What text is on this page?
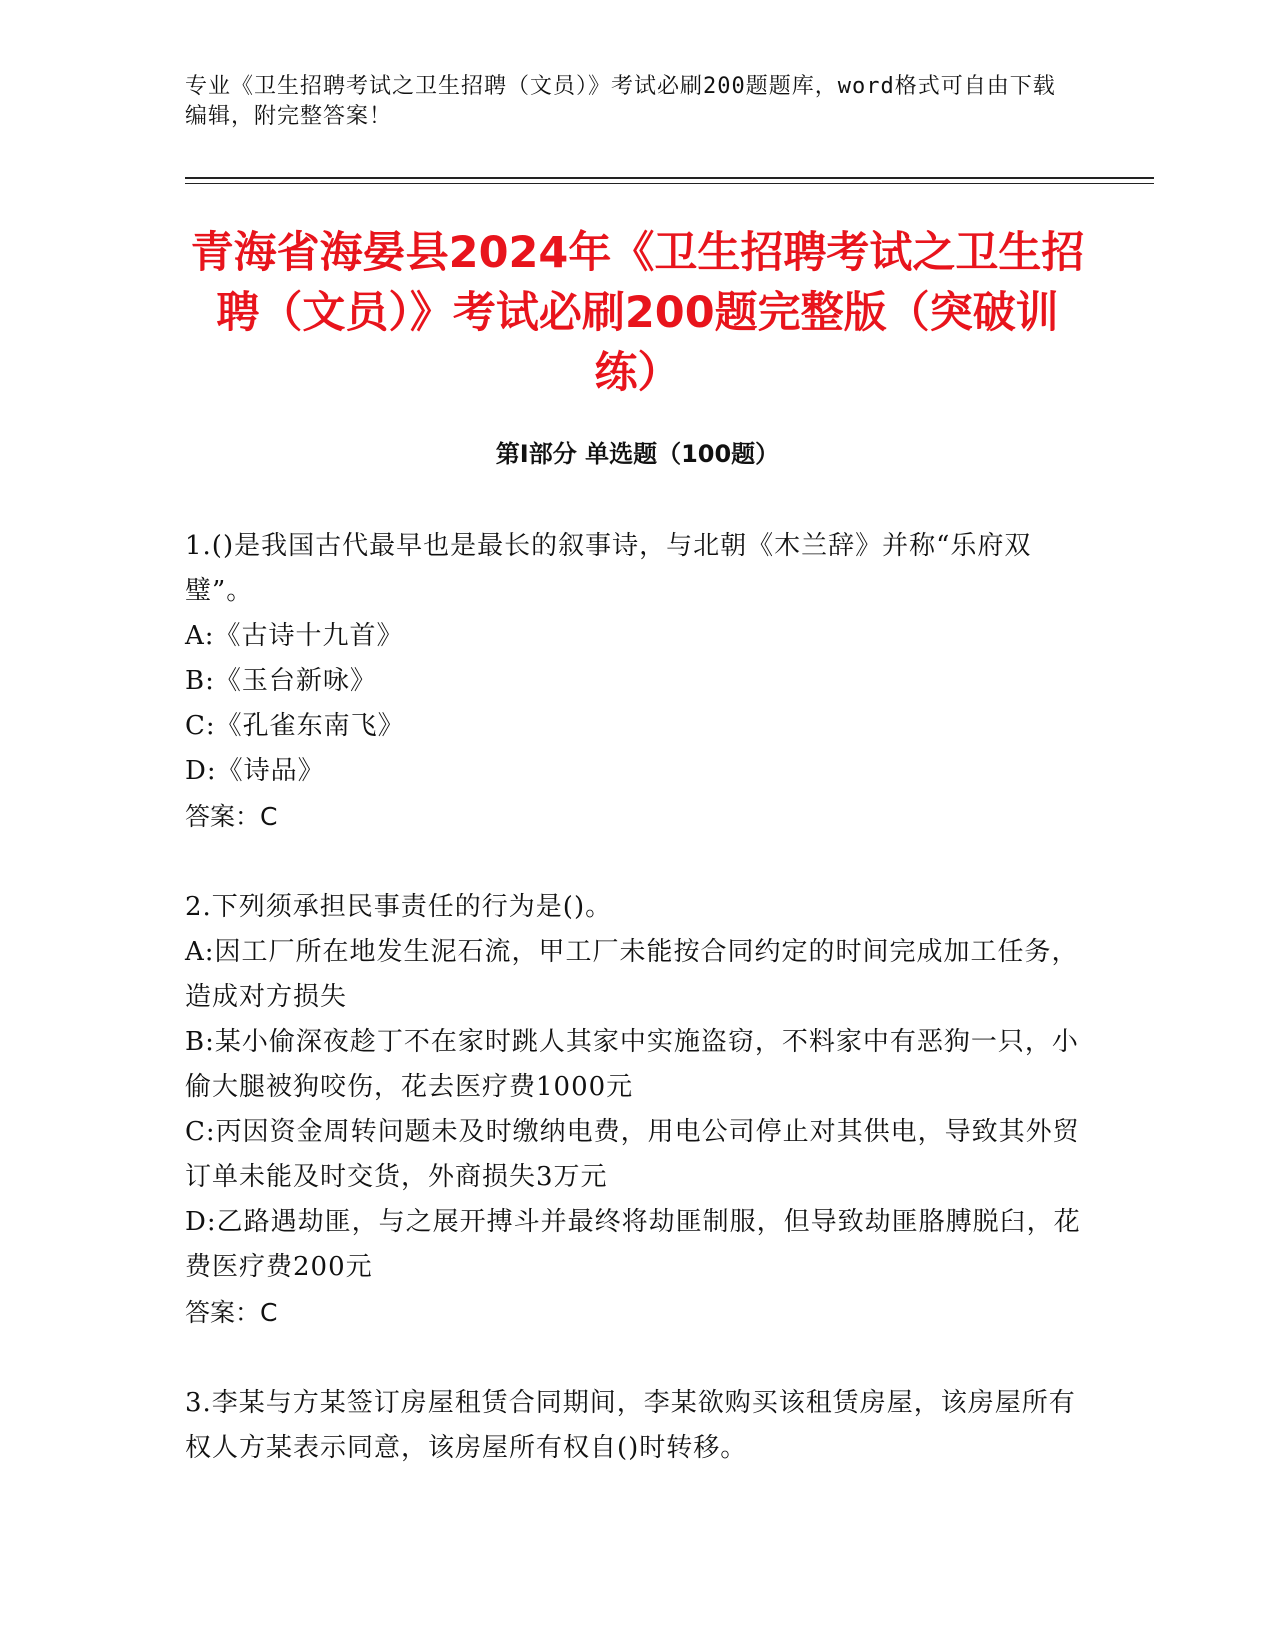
专业《卫生招聘考试之卫生招聘（文员）》考试必刷200题题库，word格式可自由下载编辑，附完整答案！
青海省海晏县2024年《卫生招聘考试之卫生招聘（文员）》考试必刷200题完整版（突破训练）
第Ⅰ部分 单选题（100题）

1.()是我国古代最早也是最长的叙事诗，与北朝《木兰辞》并称“乐府双璧”。

A:《古诗十九首》

B:《玉台新咏》

C:《孔雀东南飞》

D:《诗品》

答案：C

2.下列须承担民事责任的行为是()。

A:因工厂所在地发生泥石流，甲工厂未能按合同约定的时间完成加工任务，造成对方损失

B:某小偷深夜趁丁不在家时跳人其家中实施盗窃，不料家中有恶狗一只，小偷大腿被狗咬伤，花去医疗费1000元

C:丙因资金周转问题未及时缴纳电费，用电公司停止对其供电，导致其外贸订单未能及时交货，外商损失3万元

D:乙路遇劫匪，与之展开搏斗并最终将劫匪制服，但导致劫匪胳膊脱臼，花费医疗费200元

答案：C

3.李某与方某签订房屋租赁合同期间，李某欲购买该租赁房屋，该房屋所有权人方某表示同意，该房屋所有权自()时转移。
